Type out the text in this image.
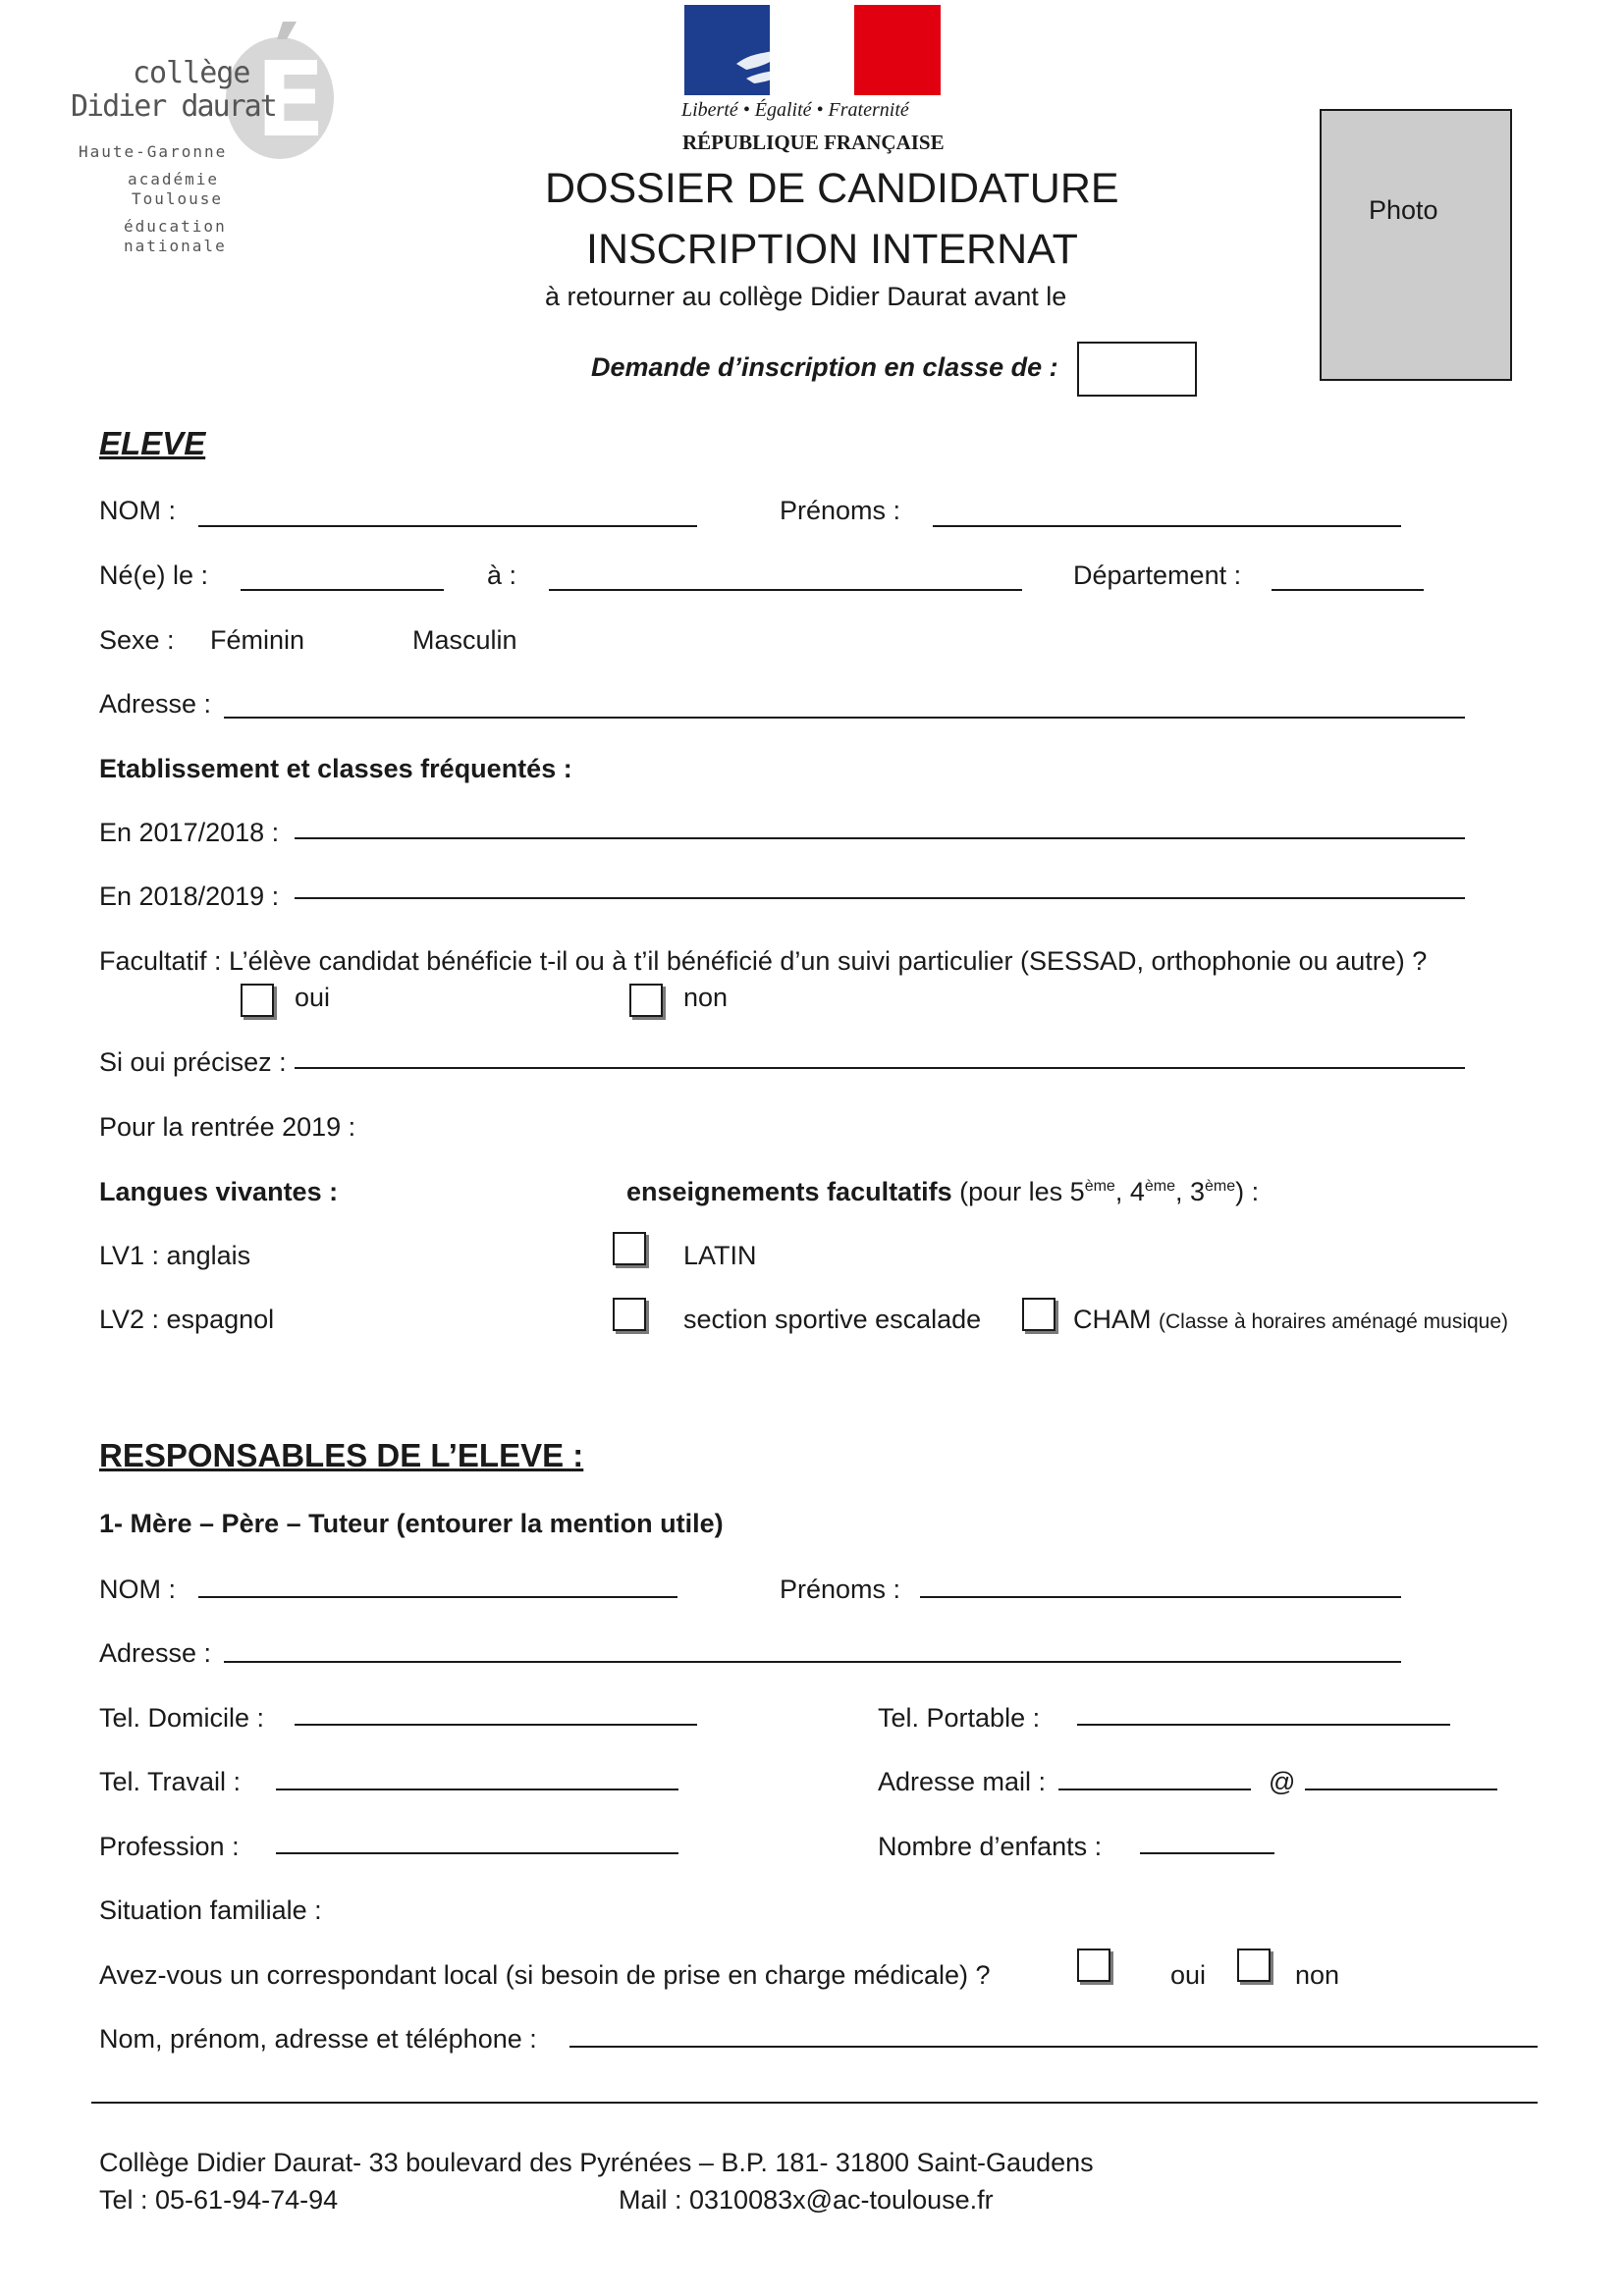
E
collège
Didier daurat
Haute-Garonne
académie
Toulouse
éducation
nationale
Liberté • Égalité • Fraternité
RÉPUBLIQUE FRANÇAISE
DOSSIER DE CANDIDATURE
INSCRIPTION INTERNAT
à retourner au collège Didier Daurat avant le
Demande d’inscription en classe de :
Photo
ELEVE
NOM :	Prénoms :
Né(e) le :	à :	Département :
Sexe : Féminin	Masculin
Adresse :
Etablissement et classes fréquentés :
En 2017/2018 :
En 2018/2019 :
Facultatif : L’élève candidat bénéficie t-il ou à t’il bénéficié d’un suivi particulier (SESSAD, orthophonie ou autre) ?
oui	non
Si oui précisez :
Pour la rentrée 2019 :
Langues vivantes :	enseignements facultatifs (pour les 5ème, 4ème, 3ème) :
LV1 : anglais	LATIN
LV2 : espagnol	section sportive escalade	CHAM (Classe à horaires aménagé musique)
RESPONSABLES DE L’ELEVE :
1- Mère – Père – Tuteur (entourer la mention utile)
NOM :	Prénoms :
Adresse :
Tel. Domicile :	Tel. Portable :
Tel. Travail :	Adresse mail :	@
Profession :	Nombre d’enfants :
Situation familiale :
Avez-vous un correspondant local (si besoin de prise en charge médicale) ?	oui	non
Nom, prénom, adresse et téléphone :
Collège Didier Daurat- 33 boulevard des Pyrénées – B.P. 181- 31800 Saint-Gaudens
Tel : 05-61-94-74-94	Mail : 0310083x@ac-toulouse.fr
